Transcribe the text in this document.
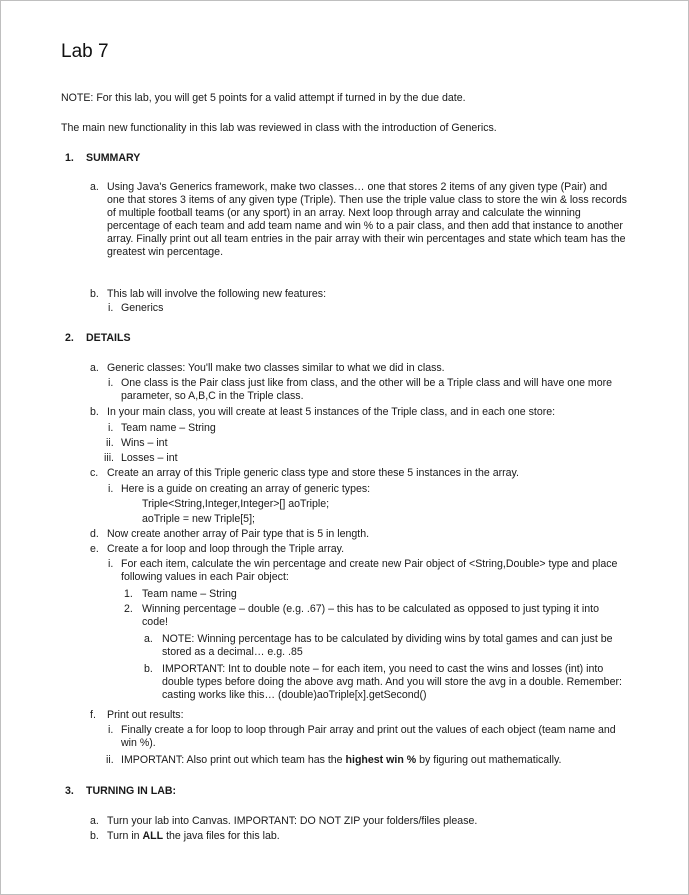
Lab 7
NOTE: For this lab, you will get 5 points for a valid attempt if turned in by the due date.
The main new functionality in this lab was reviewed in class with the introduction of Generics.
1. SUMMARY
a. Using Java's Generics framework, make two classes… one that stores 2 items of any given type (Pair) and one that stores 3 items of any given type (Triple). Then use the triple value class to store the win & loss records of multiple football teams (or any sport) in an array. Next loop through array and calculate the winning percentage of each team and add team name and win % to a pair class, and then add that instance to another array. Finally print out all team entries in the pair array with their win percentages and state which team has the greatest win percentage.
b. This lab will involve the following new features:
i. Generics
2. DETAILS
a. Generic classes: You'll make two classes similar to what we did in class.
i. One class is the Pair class just like from class, and the other will be a Triple class and will have one more parameter, so A,B,C in the Triple class.
b. In your main class, you will create at least 5 instances of the Triple class, and in each one store:
i. Team name – String
ii. Wins – int
iii. Losses – int
c. Create an array of this Triple generic class type and store these 5 instances in the array.
i. Here is a guide on creating an array of generic types:
Triple<String,Integer,Integer>[] aoTriple;
aoTriple = new Triple[5];
d. Now create another array of Pair type that is 5 in length.
e. Create a for loop and loop through the Triple array.
i. For each item, calculate the win percentage and create new Pair object of <String,Double> type and place following values in each Pair object:
1. Team name – String
2. Winning percentage – double (e.g. .67) – this has to be calculated as opposed to just typing it into code!
a. NOTE: Winning percentage has to be calculated by dividing wins by total games and can just be stored as a decimal… e.g. .85
b. IMPORTANT: Int to double note – for each item, you need to cast the wins and losses (int) into double types before doing the above avg math. And you will store the avg in a double. Remember: casting works like this… (double)aoTriple[x].getSecond()
f. Print out results:
i. Finally create a for loop to loop through Pair array and print out the values of each object (team name and win %).
ii. IMPORTANT: Also print out which team has the highest win % by figuring out mathematically.
3. TURNING IN LAB:
a. Turn your lab into Canvas. IMPORTANT: DO NOT ZIP your folders/files please.
b. Turn in ALL the java files for this lab.
